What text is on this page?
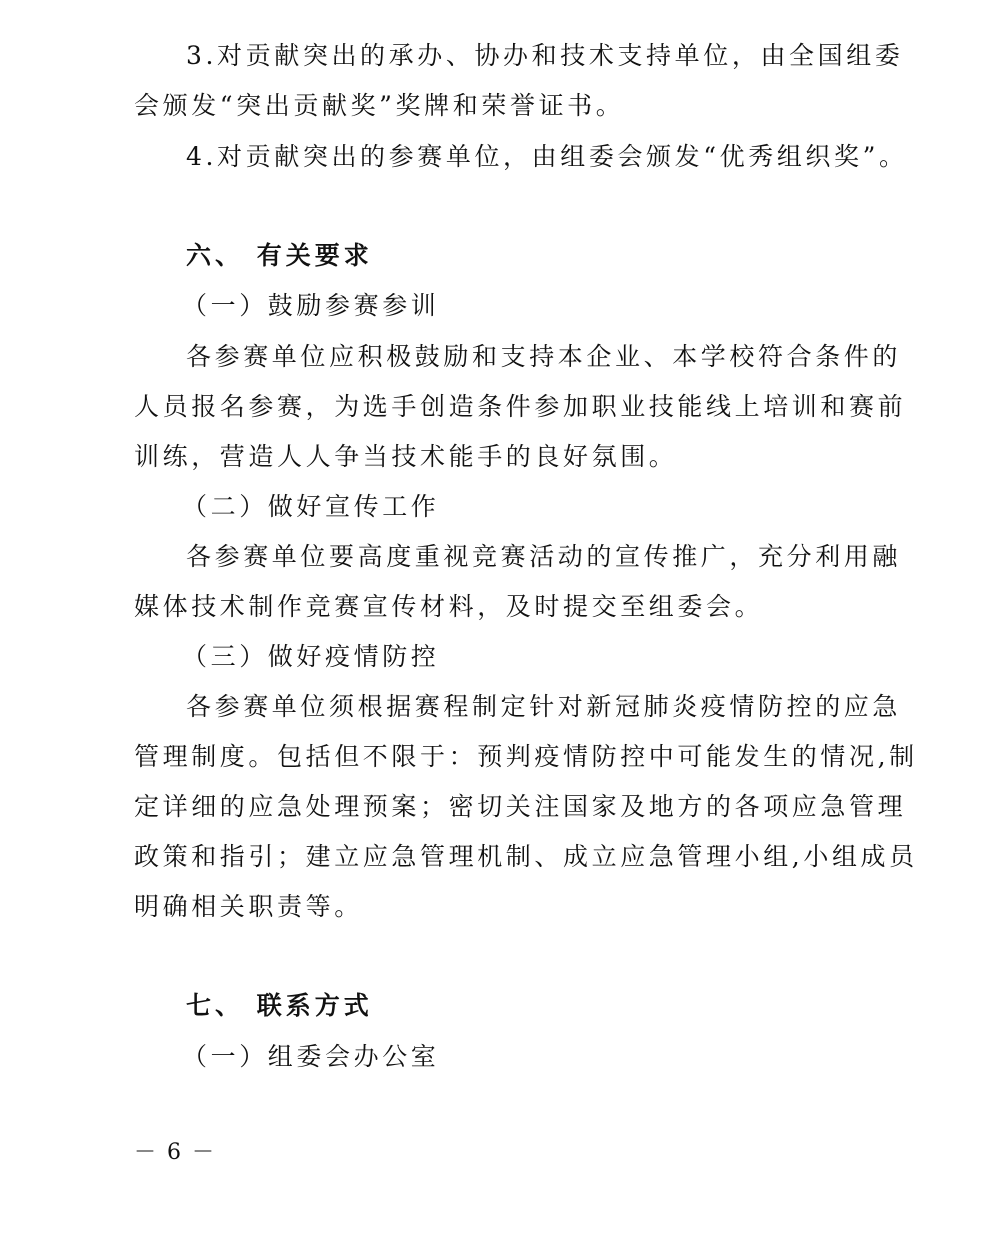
3.对贡献突出的承办、协办和技术支持单位，由全国组委
会颁发“突出贡献奖”奖牌和荣誉证书。
4.对贡献突出的参赛单位，由组委会颁发“优秀组织奖”。
六、 有关要求
（一）鼓励参赛参训
各参赛单位应积极鼓励和支持本企业、本学校符合条件的
人员报名参赛，为选手创造条件参加职业技能线上培训和赛前
训练，营造人人争当技术能手的良好氛围。
（二）做好宣传工作
各参赛单位要高度重视竞赛活动的宣传推广，充分利用融
媒体技术制作竞赛宣传材料，及时提交至组委会。
（三）做好疫情防控
各参赛单位须根据赛程制定针对新冠肺炎疫情防控的应急
管理制度。包括但不限于：预判疫情防控中可能发生的情况,制
定详细的应急处理预案；密切关注国家及地方的各项应急管理
政策和指引；建立应急管理机制、成立应急管理小组,小组成员
明确相关职责等。
七、 联系方式
（一）组委会办公室
－ 6 －
